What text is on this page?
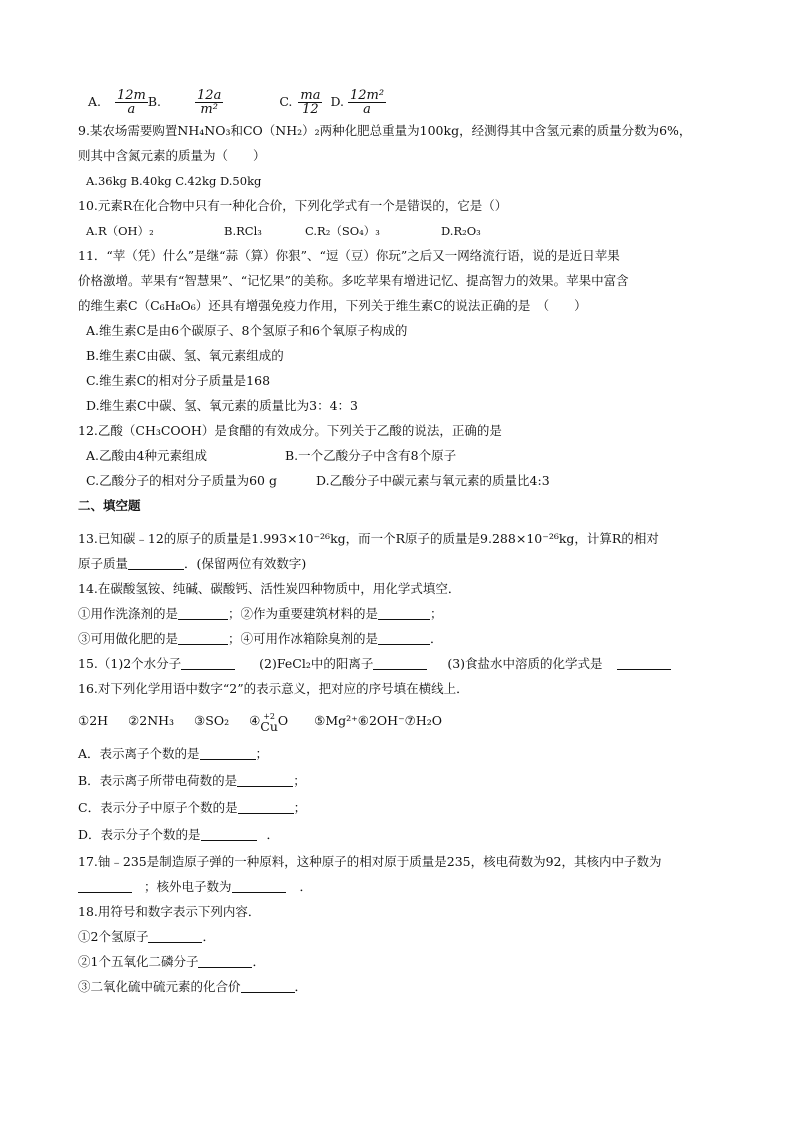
A. $\frac{12m}{a} B$.	$\frac{12a}{\text{m²}}$	C. $\frac{ma}{12} D$. $\frac{\text{12m²}}{a}$
9.某农场需要购置NH₄NO₃和CO（NH₂）₂两种化肥总重量为100kg，经测得其中含氢元素的质量分数为6%，
则其中含氮元素的质量为（　　）
A.36kg B.40kg C.42kg D.50kg
10.元素R在化合物中只有一种化合价，下列化学式有一个是错误的，它是（）
A.R（OH）₂	B.RCl₃	C.R₂（SO₄）₃	D.R₂O₃
11．“苹（凭）什么”是继“蒜（算）你狠”、“逗（豆）你玩”之后又一网络流行语，说的是近日苹果
价格激增。苹果有“智慧果”、“记忆果”的美称。多吃苹果有增进记忆、提高智力的效果。苹果中富含
的维生素C（C₆H₈O₆）还具有增强免疫力作用，下列关于维生素C的说法正确的是　（　　）
A.维生素C是由6个碳原子、8个氢原子和6个氧原子构成的
B.维生素C由碳、氢、氧元素组成的
C.维生素C的相对分子质量是168
D.维生素C中碳、氢、氧元素的质量比为3：4：3
12.乙酸（CH₃COOH）是食醋的有效成分。下列关于乙酸的说法，正确的是
A.乙酸由4种元素组成	B.一个乙酸分子中含有8个原子
C.乙酸分子的相对分子质量为60 g	D.乙酸分子中碳元素与氧元素的质量比4:3
二、填空题
13.已知碳﹣12的原子的质量是1.993×10⁻²⁶kg，而一个R原子的质量是9.288×10⁻²⁶kg，计算R的相对
原子质量	．(保留两位有效数字)
14.在碳酸氢铵、纯碱、碳酸钙、活性炭四种物质中，用化学式填空．
①用作洗涤剂的是	；②作为重要建筑材料的是	；
③可用做化肥的是	；④可用作冰箱除臭剂的是	．
15.（1)2个水分子	(2)FeCl₂中的阳离子	(3)食盐水中溶质的化学式是
16.对下列化学用语中数字“2”的表示意义，把对应的序号填在横线上．
①2H ②2NH₃ ③SO₂ ④ +2
Cu O ⑤Mg²⁺⑥2OH⁻⑦H₂O
A．表示离子个数的是	；
B．表示离子所带电荷数的是	；
C．表示分子中原子个数的是	；
D．表示分子个数的是	．
17.铀﹣235是制造原子弹的一种原料，这种原子的相对原于质量是235，核电荷数为92，其核内中子数为
；核外电子数为	．
18.用符号和数字表示下列内容．
①2个氢原子	．
②1个五氧化二磷分子	．
③二氧化硫中硫元素的化合价	．
